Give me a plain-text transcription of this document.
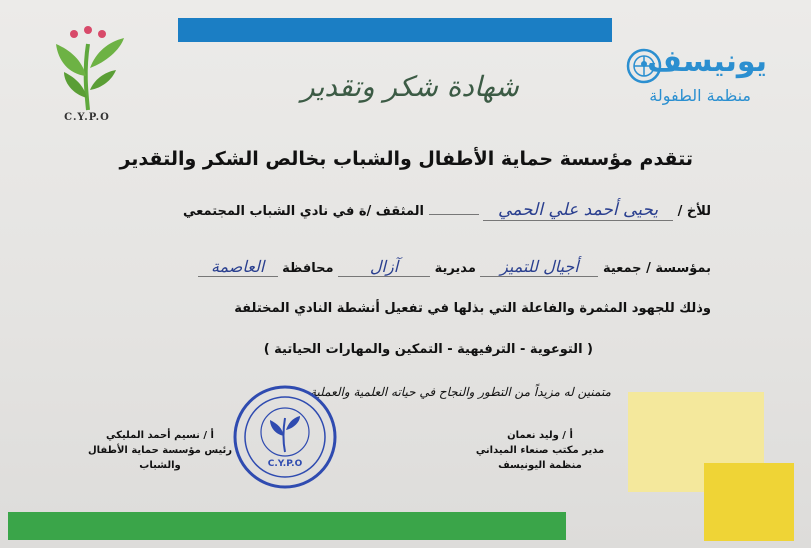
C.Y.P.O
يونيسف
منظمة الطفولة
شهادة شكر وتقدير
تتقدم مؤسسة حماية الأطفال والشباب بخالص الشكر والتقدير
للأخ / يحيى أحمد علي الحمي  المثقف /ة في نادي الشباب المجتمعي
بمؤسسة / جمعية أجيال للتميز مديرية آزال محافظة العاصمة
وذلك للجهود المثمرة والفاعلة التي بذلها في تفعيل أنشطة النادي المختلفة
( التوعوية - الترفيهية - التمكين والمهارات الحياتية )
متمنين له مزيداً من التطور والنجاح في حياته العلمية والعملية
C.Y.P.O
أ / وليد نعمان
مدير مكتب صنعاء الميداني
منظمة اليونيسف
أ / نسيم أحمد المليكي
رئيس مؤسسة حماية الأطفال والشباب
